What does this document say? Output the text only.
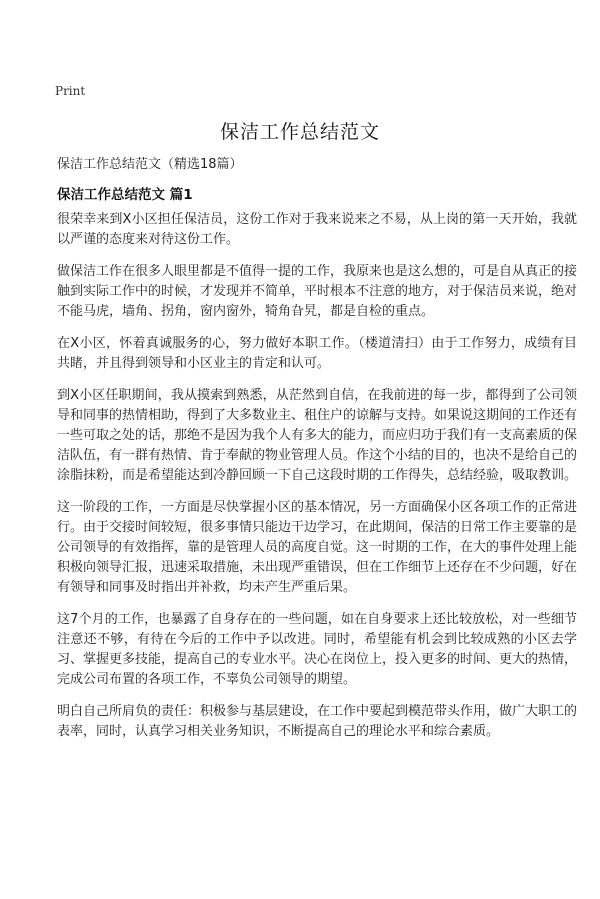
Print
保洁工作总结范文
保洁工作总结范文（精选18篇）
保洁工作总结范文 篇1

很荣幸来到X小区担任保洁员，这份工作对于我来说来之不易，从上岗的第一天开始，我就以严谨的态度来对待这份工作。

做保洁工作在很多人眼里都是不值得一提的工作，我原来也是这么想的，可是自从真正的接触到实际工作中的时候，才发现并不简单，平时根本不注意的地方，对于保洁员来说，绝对不能马虎，墙角、拐角，窗内窗外，犄角旮旯，都是自检的重点。

在X小区，怀着真诚服务的心，努力做好本职工作。（楼道清扫）由于工作努力，成绩有目共睹，并且得到领导和小区业主的肯定和认可。

到X小区任职期间，我从摸索到熟悉，从茫然到自信，在我前进的每一步，都得到了公司领导和同事的热情相助，得到了大多数业主、租住户的谅解与支持。如果说这期间的工作还有一些可取之处的话，那绝不是因为我个人有多大的能力，而应归功于我们有一支高素质的保洁队伍，有一群有热情、肯于奉献的物业管理人员。作这个小结的目的，也决不是给自己的涂脂抹粉，而是希望能达到冷静回顾一下自己这段时期的工作得失，总结经验，吸取教训。

这一阶段的工作，一方面是尽快掌握小区的基本情况，另一方面确保小区各项工作的正常进行。由于交接时间较短，很多事情只能边干边学习，在此期间，保洁的日常工作主要靠的是公司领导的有效指挥，靠的是管理人员的高度自觉。这一时期的工作，在大的事件处理上能积极向领导汇报，迅速采取措施，未出现严重错误，但在工作细节上还存在不少问题，好在有领导和同事及时指出并补救，均未产生严重后果。

这7个月的工作，也暴露了自身存在的一些问题，如在自身要求上还比较放松，对一些细节注意还不够，有待在今后的工作中予以改进。同时，希望能有机会到比较成熟的小区去学习、掌握更多技能，提高自己的专业水平。决心在岗位上，投入更多的时间、更大的热情，完成公司布置的各项工作，不辜负公司领导的期望。

明白自己所肩负的责任：积极参与基层建设，在工作中要起到模范带头作用，做广大职工的表率，同时，认真学习相关业务知识，不断提高自己的理论水平和综合素质。
